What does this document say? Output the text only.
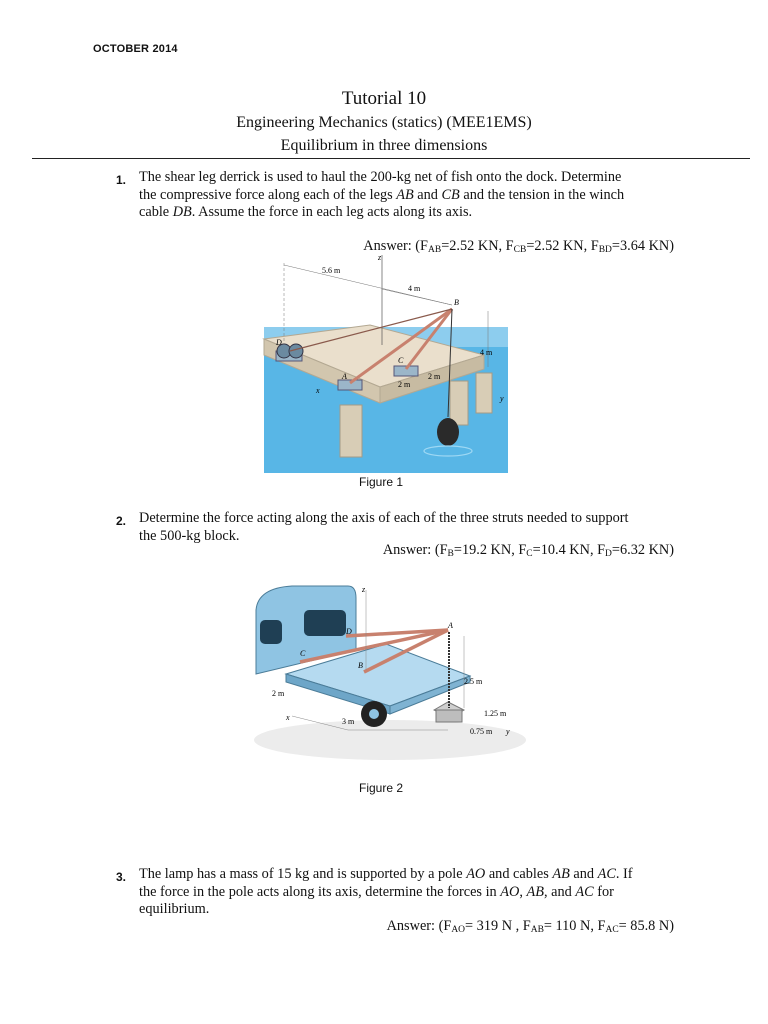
OCTOBER 2014
Tutorial 10
Engineering Mechanics (statics) (MEE1EMS)
Equilibrium in three dimensions
1. The shear leg derrick is used to haul the 200-kg net of fish onto the dock. Determine
the compressive force along each of the legs AB and CB and the tension in the winch
cable DB. Assume the force in each leg acts along its axis.
Answer: ($F_{AB}=2.52$ KN, $F_{CB}=2.52$ KN, $F_{BD}=3.64$ KN)
5.6 m
4 m
4 m
2 m
2 m
B
A
C
D
x
y
z
Figure 1
2. Determine the force acting along the axis of each of the three struts needed to support
the 500-kg block.
Answer: ($F_B=19.2$ KN, $F_C=10.4$ KN, $F_D=6.32$ KN)
A
B
C
D
z
x
y
2.5 m
1.25 m
0.75 m
2 m
3 m
Figure 2
3. The lamp has a mass of 15 kg and is supported by a pole AO and cables AB and AC. If
the force in the pole acts along its axis, determine the forces in AO, AB, and AC for
equilibrium.
Answer: ($F_{AO}= 319$ N , $F_{AB}= 110$ N, $F_{AC}= 85.8$ N)
